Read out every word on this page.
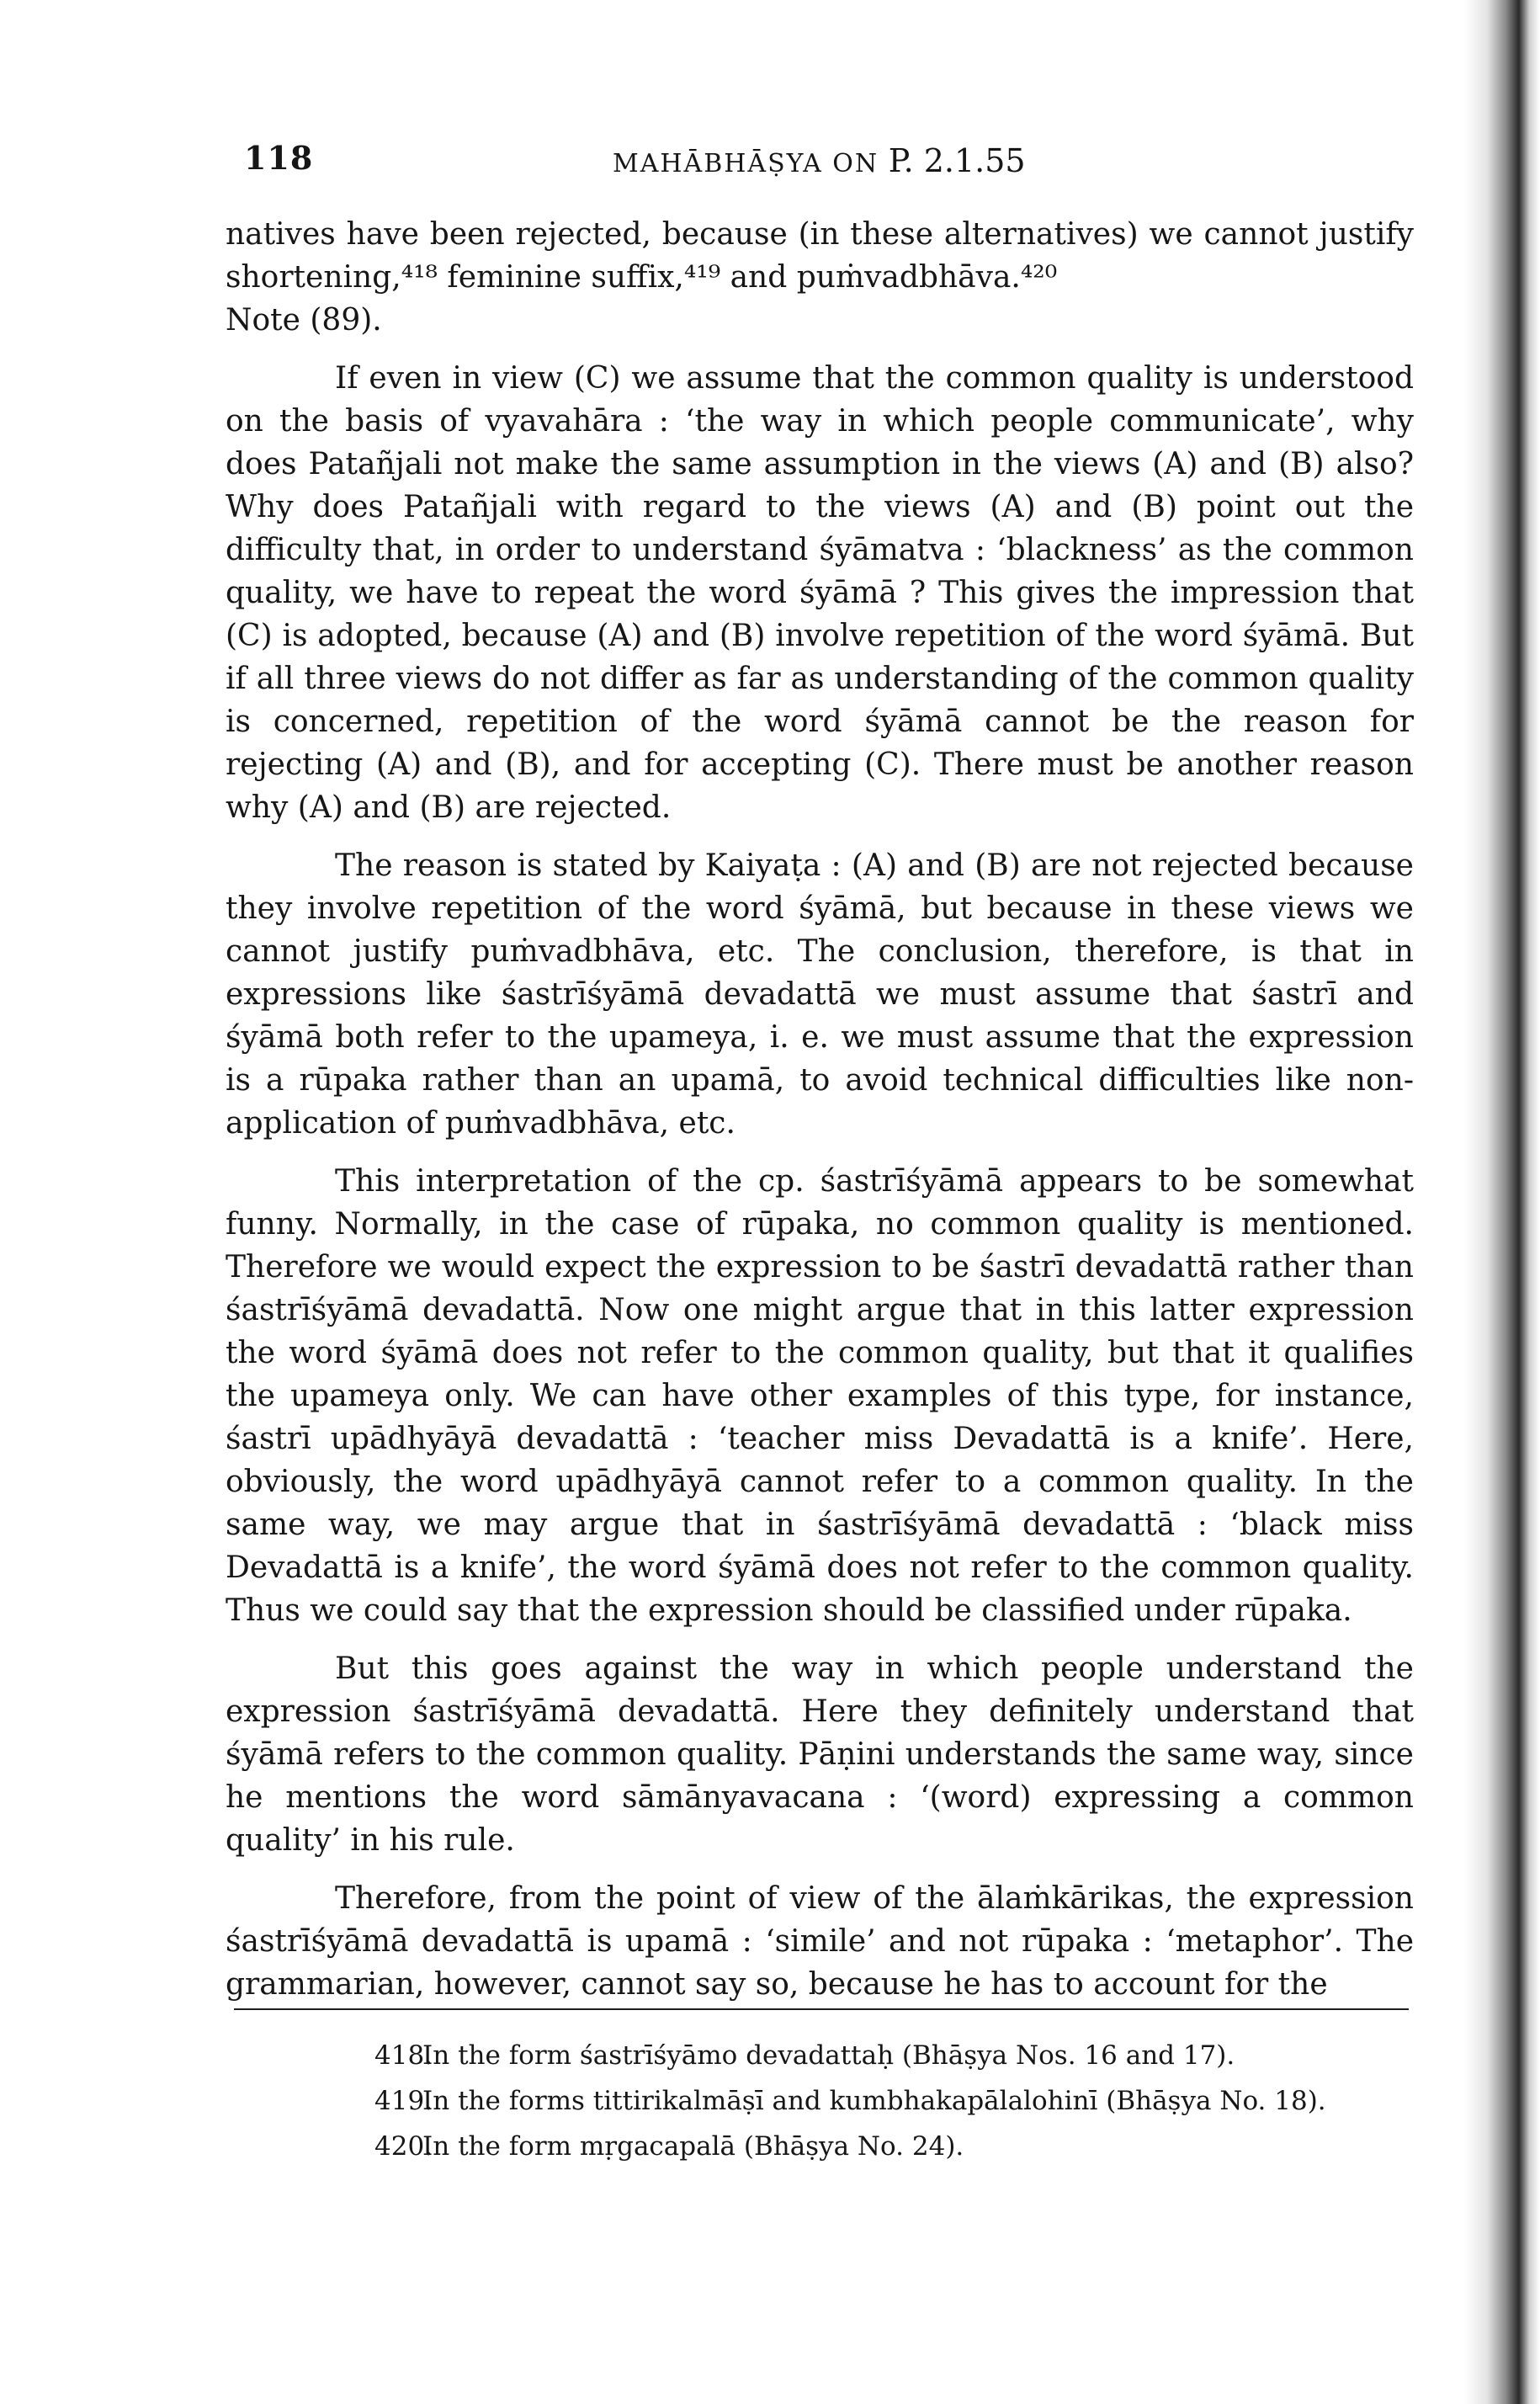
118	MAHĀBHĀṢYA ON P. 2.1.55

natives have been rejected, because (in these alternatives) we cannot justify shortening,⁴¹⁸ feminine suffix,⁴¹⁹ and puṁvadbhāva.⁴²⁰

Note (89).

If even in view (C) we assume that the common quality is understood on the basis of vyavahāra : ‘the way in which people communicate’, why does Patañjali not make the same assumption in the views (A) and (B) also? Why does Patañjali with regard to the views (A) and (B) point out the difficulty that, in order to understand śyāmatva : ‘blackness’ as the common quality, we have to repeat the word śyāmā ? This gives the impression that (C) is adopted, because (A) and (B) involve repetition of the word śyāmā. But if all three views do not differ as far as understanding of the common quality is concerned, repetition of the word śyāmā cannot be the reason for rejecting (A) and (B), and for accepting (C). There must be another reason why (A) and (B) are rejected.

The reason is stated by Kaiyaṭa : (A) and (B) are not rejected because they involve repetition of the word śyāmā, but because in these views we cannot justify puṁvadbhāva, etc. The conclusion, therefore, is that in expressions like śastrīśyāmā devadattā we must assume that śastrī and śyāmā both refer to the upameya, i. e. we must assume that the expression is a rūpaka rather than an upamā, to avoid technical difficulties like non-application of puṁvadbhāva, etc.

This interpretation of the cp. śastrīśyāmā appears to be somewhat funny. Normally, in the case of rūpaka, no common quality is mentioned. Therefore we would expect the expression to be śastrī devadattā rather than śastrīśyāmā devadattā. Now one might argue that in this latter expression the word śyāmā does not refer to the common quality, but that it qualifies the upameya only. We can have other examples of this type, for instance, śastrī upādhyāyā devadattā : ‘teacher miss Devadattā is a knife’. Here, obviously, the word upādhyāyā cannot refer to a common quality. In the same way, we may argue that in śastrīśyāmā devadattā : ‘black miss Devadattā is a knife’, the word śyāmā does not refer to the common quality. Thus we could say that the expression should be classified under rūpaka.

But this goes against the way in which people understand the expression śastrīśyāmā devadattā. Here they definitely understand that śyāmā refers to the common quality. Pāṇini understands the same way, since he mentions the word sāmānyavacana : ‘(word) expressing a common quality’ in his rule.

Therefore, from the point of view of the ālaṁkārikas, the expression śastrīśyāmā devadattā is upamā : ‘simile’ and not rūpaka : ‘metaphor’. The grammarian, however, cannot say so, because he has to account for the

418.
In the form śastrīśyāmo devadattaḥ (Bhāṣya Nos. 16 and 17).
419.
In the forms tittirikalmāṣī and kumbhakapālalohinī (Bhāṣya No. 18).
420.
In the form mṛgacapalā (Bhāṣya No. 24).
